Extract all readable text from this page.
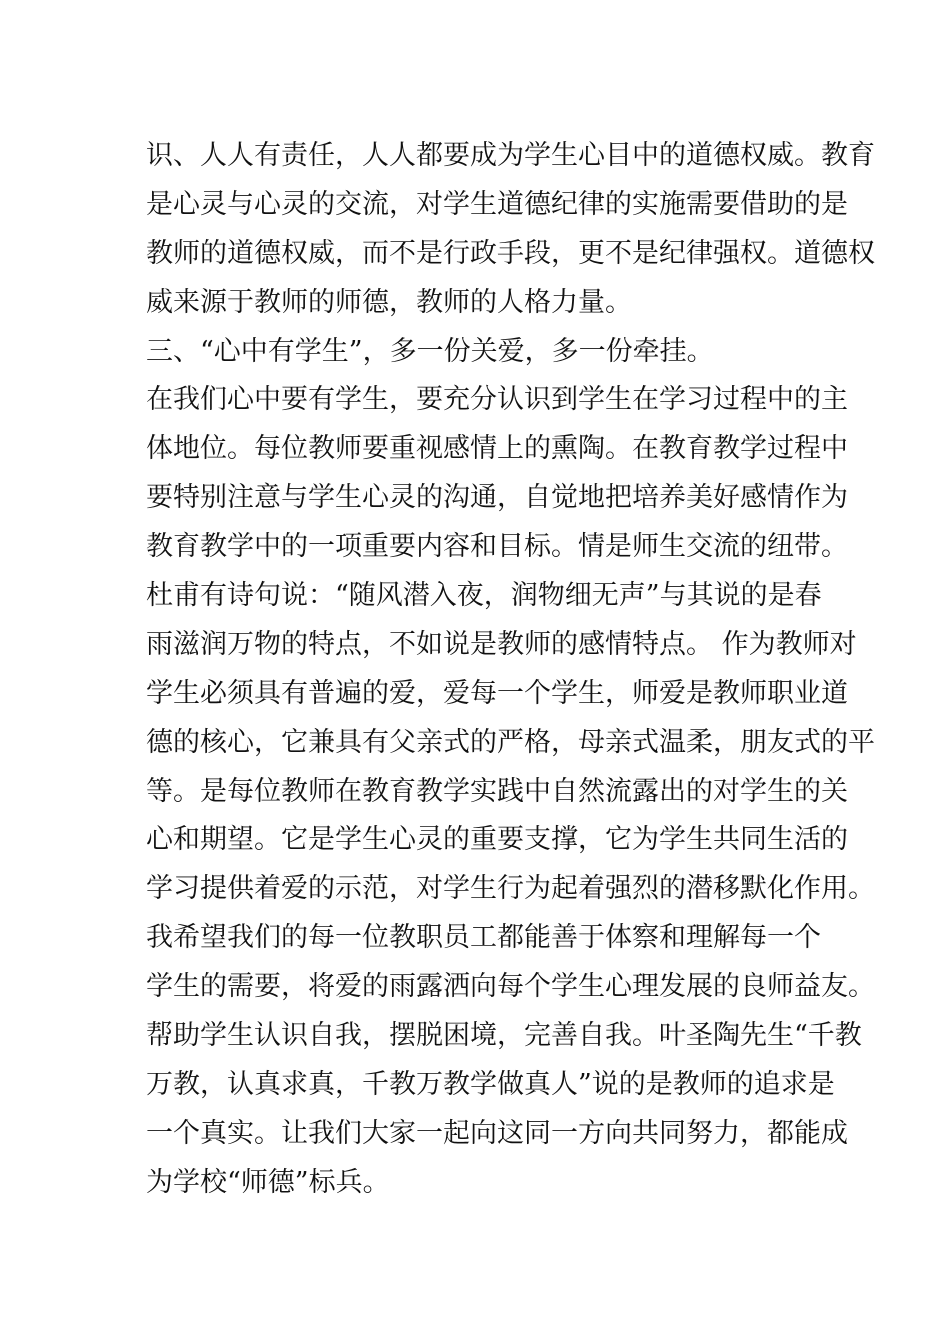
识、人人有责任，人人都要成为学生心目中的道德权威。教育
是心灵与心灵的交流，对学生道德纪律的实施需要借助的是
教师的道德权威，而不是行政手段，更不是纪律强权。道德权
威来源于教师的师德，教师的人格力量。
三、“心中有学生”，多一份关爱，多一份牵挂。
在我们心中要有学生，要充分认识到学生在学习过程中的主
体地位。每位教师要重视感情上的熏陶。在教育教学过程中
要特别注意与学生心灵的沟通，自觉地把培养美好感情作为
教育教学中的一项重要内容和目标。情是师生交流的纽带。
杜甫有诗句说：“随风潜入夜，润物细无声”与其说的是春
雨滋润万物的特点，不如说是教师的感情特点。 作为教师对
学生必须具有普遍的爱，爱每一个学生，师爱是教师职业道
德的核心，它兼具有父亲式的严格，母亲式温柔，朋友式的平
等。是每位教师在教育教学实践中自然流露出的对学生的关
心和期望。它是学生心灵的重要支撑，它为学生共同生活的
学习提供着爱的示范，对学生行为起着强烈的潜移默化作用。
我希望我们的每一位教职员工都能善于体察和理解每一个
学生的需要，将爱的雨露洒向每个学生心理发展的良师益友。
帮助学生认识自我，摆脱困境，完善自我。叶圣陶先生“千教
万教，认真求真，千教万教学做真人”说的是教师的追求是
一个真实。让我们大家一起向这同一方向共同努力，都能成
为学校“师德”标兵。
